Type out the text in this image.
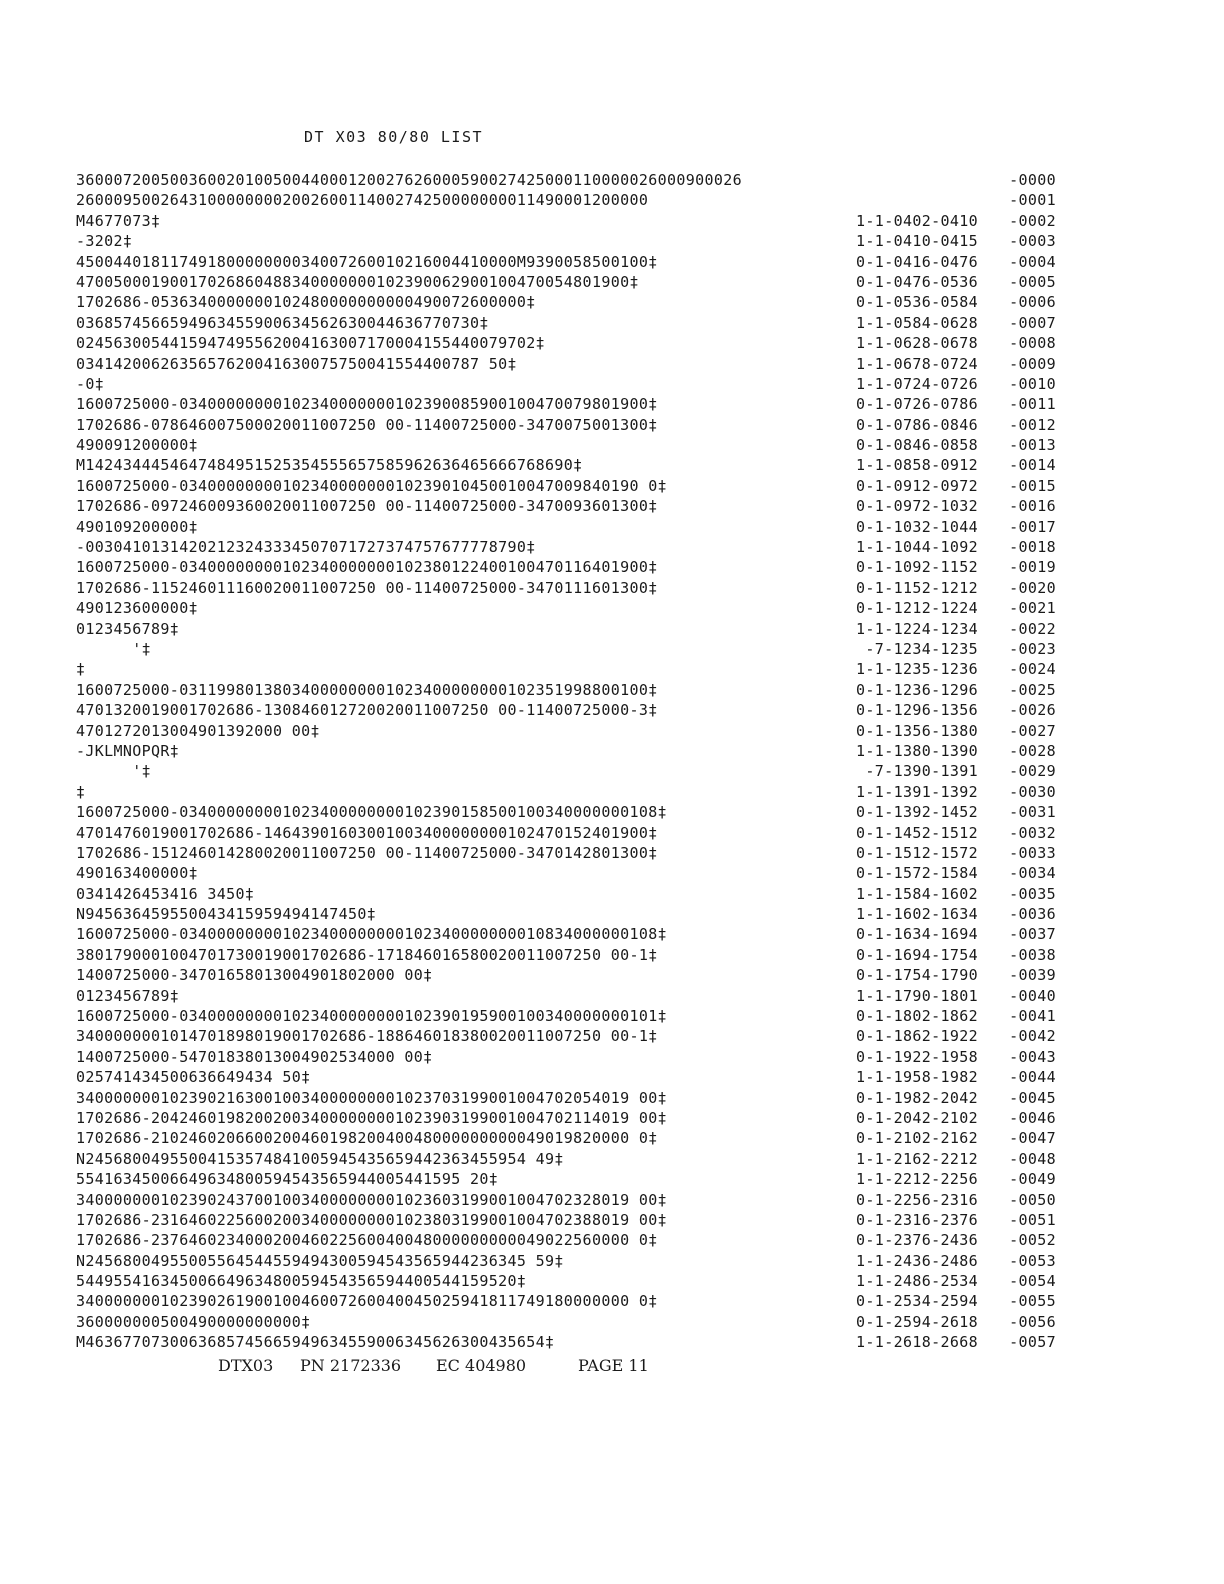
DT X03 80/80 LIST
36000720050036002010050044000120027626000590027425000110000026000900026	-0000
2600095002643100000000200260011400274250000000011490001200000	-0001
M4677073‡	1-1-0402-0410 -0002
-3202‡	1-1-0410-0415 -0003
45004401811749180000000034007260010216004410000M9390058500100‡	0-1-0416-0476 -0004
47005000190017026860488340000000102390062900100470054801900‡	0-1-0476-0536 -0005
1702686-0536340000000102480000000000490072600000‡	0-1-0536-0584 -0006
0368574566594963455900634562630044636770730‡	1-1-0584-0628 -0007
0245630054415947495562004163007170004155440079702‡	1-1-0628-0678 -0008
0341420062635657620041630075750041554400787 50‡	1-1-0678-0724 -0009
-0‡	1-1-0724-0726 -0010
1600725000-03400000000102340000000102390085900100470079801900‡	0-1-0726-0786 -0011
1702686-078646007500020011007250 00-11400725000-3470075001300‡	0-1-0786-0846 -0012
490091200000‡	0-1-0846-0858 -0013
M1424344454647484951525354555657585962636465666768690‡	1-1-0858-0912 -0014
1600725000-0340000000010234000000010239010450010047009840190 0‡	0-1-0912-0972 -0015
1702686-097246009360020011007250 00-11400725000-3470093601300‡	0-1-0972-1032 -0016
490109200000‡	0-1-1032-1044 -0017
-00304101314202123243334507071727374757677778790‡	1-1-1044-1092 -0018
1600725000-03400000000102340000000102380122400100470116401900‡	0-1-1092-1152 -0019
1702686-115246011160020011007250 00-11400725000-3470111601300‡	0-1-1152-1212 -0020
490123600000‡	0-1-1212-1224 -0021
0123456789‡	1-1-1224-1234 -0022
'‡	-7-1234-1235 -0023
‡	1-1-1235-1236 -0024
1600725000-03119980138034000000001023400000000102351998800100‡	0-1-1236-1296 -0025
4701320019001702686-130846012720020011007250 00-11400725000-3‡	0-1-1296-1356 -0026
4701272013004901392000 00‡	0-1-1356-1380 -0027
-JKLMNOPQR‡	1-1-1380-1390 -0028
'‡	-7-1390-1391 -0029
‡	1-1-1391-1392 -0030
1600725000-034000000001023400000000102390158500100340000000108‡	0-1-1392-1452 -0031
4701476019001702686-14643901603001003400000000102470152401900‡	0-1-1452-1512 -0032
1702686-151246014280020011007250 00-11400725000-3470142801300‡	0-1-1512-1572 -0033
490163400000‡	0-1-1572-1584 -0034
0341426453416 3450‡	1-1-1584-1602 -0035
N945636459550043415959494147450‡	1-1-1602-1634 -0036
1600725000-034000000001023400000000102340000000010834000000108‡	0-1-1634-1694 -0037
3801790001004701730019001702686-171846016580020011007250 00-1‡	0-1-1694-1754 -0038
1400725000-34701658013004901802000 00‡	0-1-1754-1790 -0039
0123456789‡	1-1-1790-1801 -0040
1600725000-034000000001023400000000102390195900100340000000101‡	0-1-1802-1862 -0041
3400000001014701898019001702686-188646018380020011007250 00-1‡	0-1-1862-1922 -0042
1400725000-54701838013004902534000 00‡	0-1-1922-1958 -0043
025741434500636649434 50‡	1-1-1958-1982 -0044
34000000010239021630010034000000001023703199001004702054019 00‡	0-1-1982-2042 -0045
1702686-204246019820020034000000001023903199001004702114019 00‡	0-1-2042-2102 -0046
1702686-210246020660020046019820040048000000000049019820000 0‡	0-1-2102-2162 -0047
N24568004955004153574841005945435659442363455954 49‡	1-1-2162-2212 -0048
55416345006649634800594543565944005441595 20‡	1-1-2212-2256 -0049
34000000010239024370010034000000001023603199001004702328019 00‡	0-1-2256-2316 -0050
1702686-231646022560020034000000001023803199001004702388019 00‡	0-1-2316-2376 -0051
1702686-237646023400020046022560040048000000000049022560000 0‡	0-1-2376-2436 -0052
N24568004955005564544559494300594543565944236345 59‡	1-1-2436-2486 -0053
54495541634500664963480059454356594400544159520‡	1-1-2486-2534 -0054
34000000010239026190010046007260040045025941811749180000000 0‡	0-1-2534-2594 -0055
360000000500490000000000‡	0-1-2594-2618 -0056
M4636770730063685745665949634559006345626300435654‡	1-1-2618-2668 -0057
DTX03	PN 2172336	EC 404980	PAGE 11
